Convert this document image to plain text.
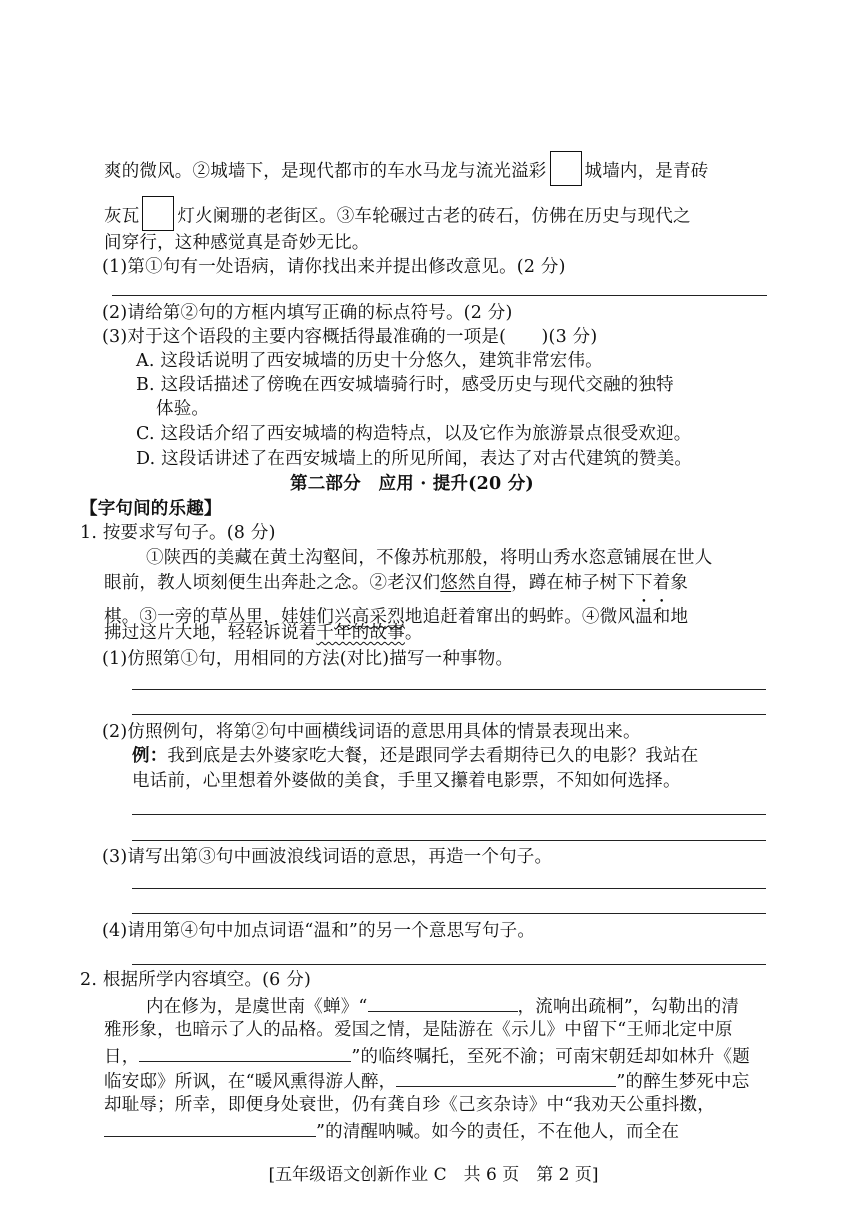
爽的微风。②城墙下，是现代都市的车水马龙与流光溢彩 城墙内，是青砖
灰瓦 灯火阑珊的老街区。③车轮碾过古老的砖石，仿佛在历史与现代之
间穿行，这种感觉真是奇妙无比。
(1)第①句有一处语病，请你找出来并提出修改意见。(2 分)
(2)请给第②句的方框内填写正确的标点符号。(2 分)
(3)对于这个语段的主要内容概括得最准确的一项是(　　)(3 分)
A. 这段话说明了西安城墙的历史十分悠久，建筑非常宏伟。
B. 这段话描述了傍晚在西安城墙骑行时，感受历史与现代交融的独特
体验。
C. 这段话介绍了西安城墙的构造特点，以及它作为旅游景点很受欢迎。
D. 这段话讲述了在西安城墙上的所见所闻，表达了对古代建筑的赞美。
第二部分　应用 · 提升(20 分)
【字句间的乐趣】
1. 按要求写句子。(8 分)
①陕西的美藏在黄土沟壑间，不像苏杭那般，将明山秀水恣意铺展在世人
眼前，教人顷刻便生出奔赴之念。②老汉们悠然自得，蹲在柿子树下下着象
棋。③一旁的草丛里，娃娃们兴高采烈地追赶着窜出的蚂蚱。④微风温和地
拂过这片大地，轻轻诉说着千年的故事。
(1)仿照第①句，用相同的方法(对比)描写一种事物。
(2)仿照例句，将第②句中画横线词语的意思用具体的情景表现出来。
例：我到底是去外婆家吃大餐，还是跟同学去看期待已久的电影？我站在
电话前，心里想着外婆做的美食，手里又攥着电影票，不知如何选择。
(3)请写出第③句中画波浪线词语的意思，再造一个句子。
(4)请用第④句中加点词语“温和”的另一个意思写句子。
2. 根据所学内容填空。(6 分)
内在修为，是虞世南《蝉》“	，流响出疏桐”，勾勒出的清
雅形象，也暗示了人的品格。爱国之情，是陆游在《示儿》中留下“王师北定中原
日，	”的临终嘱托，至死不渝；可南宋朝廷却如林升《题
临安邸》所讽，在“暖风熏得游人醉，	”的醉生梦死中忘
却耻辱；所幸，即便身处衰世，仍有龚自珍《己亥杂诗》中“我劝天公重抖擞，
”的清醒呐喊。如今的责任，不在他人，而全在
[五年级语文创新作业 C　共 6 页　第 2 页]
